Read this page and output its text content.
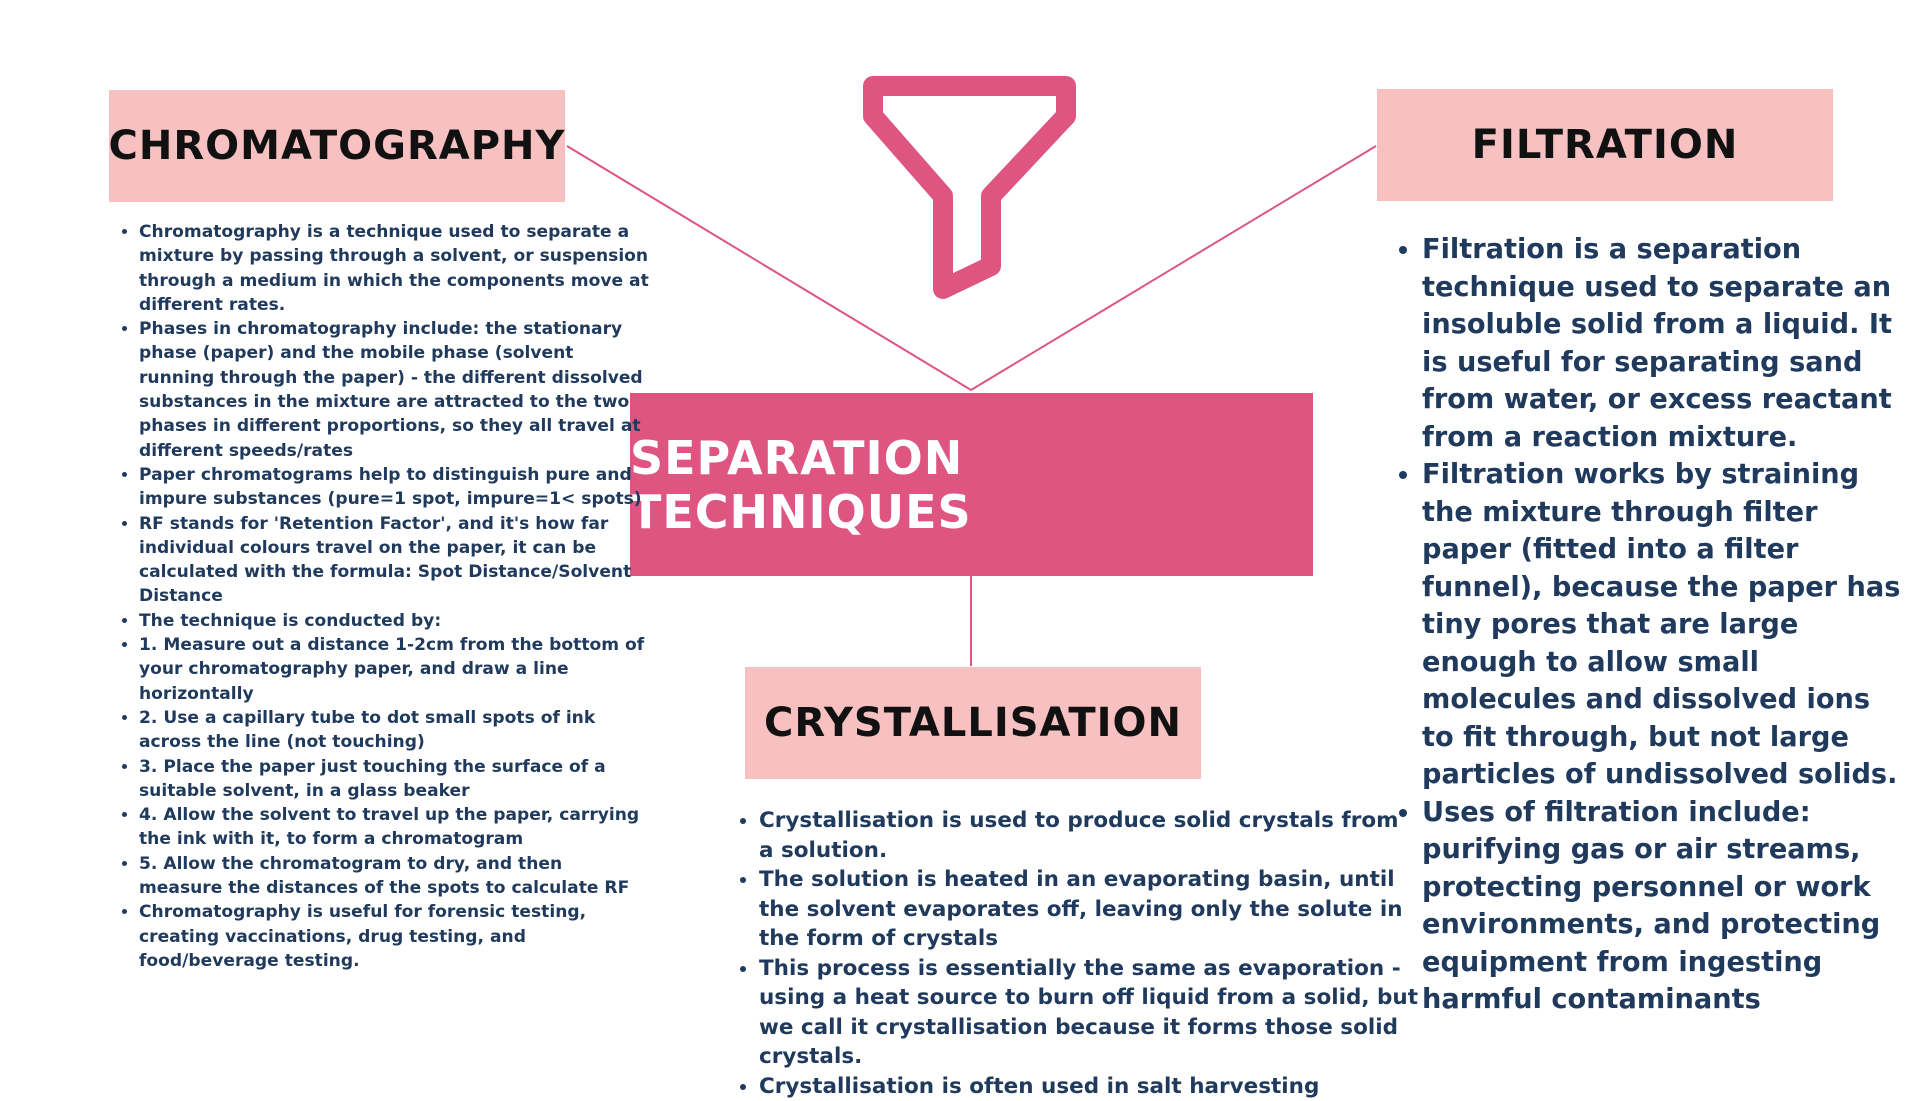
SEPARATION TECHNIQUES
CHROMATOGRAPHY
• Chromatography is a technique used to separate a mixture by passing through a solvent, or suspension through a medium in which the components move at different rates.
• Phases in chromatography include: the stationary phase (paper) and the mobile phase (solvent running through the paper) - the different dissolved substances in the mixture are attracted to the two phases in different proportions, so they all travel at different speeds/rates
• Paper chromatograms help to distinguish pure and impure substances (pure=1 spot, impure=1< spots)
• RF stands for 'Retention Factor', and it's how far individual colours travel on the paper, it can be calculated with the formula: Spot Distance/Solvent Distance
• The technique is conducted by:
• 1. Measure out a distance 1-2cm from the bottom of your chromatography paper, and draw a line horizontally
• 2. Use a capillary tube to dot small spots of ink across the line (not touching)
• 3. Place the paper just touching the surface of a suitable solvent, in a glass beaker
• 4. Allow the solvent to travel up the paper, carrying the ink with it, to form a chromatogram
• 5. Allow the chromatogram to dry, and then measure the distances of the spots to calculate RF
• Chromatography is useful for forensic testing, creating vaccinations, drug testing, and food/beverage testing.
FILTRATION
• Filtration is a separation technique used to separate an insoluble solid from a liquid. It is useful for separating sand from water, or excess reactant from a reaction mixture.
• Filtration works by straining the mixture through filter paper (fitted into a filter funnel), because the paper has tiny pores that are large enough to allow small molecules and dissolved ions to fit through, but not large particles of undissolved solids.
• Uses of filtration include: purifying gas or air streams, protecting personnel or work environments, and protecting equipment from ingesting harmful contaminants
CRYSTALLISATION
• Crystallisation is used to produce solid crystals from a solution.
• The solution is heated in an evaporating basin, until the solvent evaporates off, leaving only the solute in the form of crystals
• This process is essentially the same as evaporation - using a heat source to burn off liquid from a solid, but we call it crystallisation because it forms those solid crystals.
• Crystallisation is often used in salt harvesting
